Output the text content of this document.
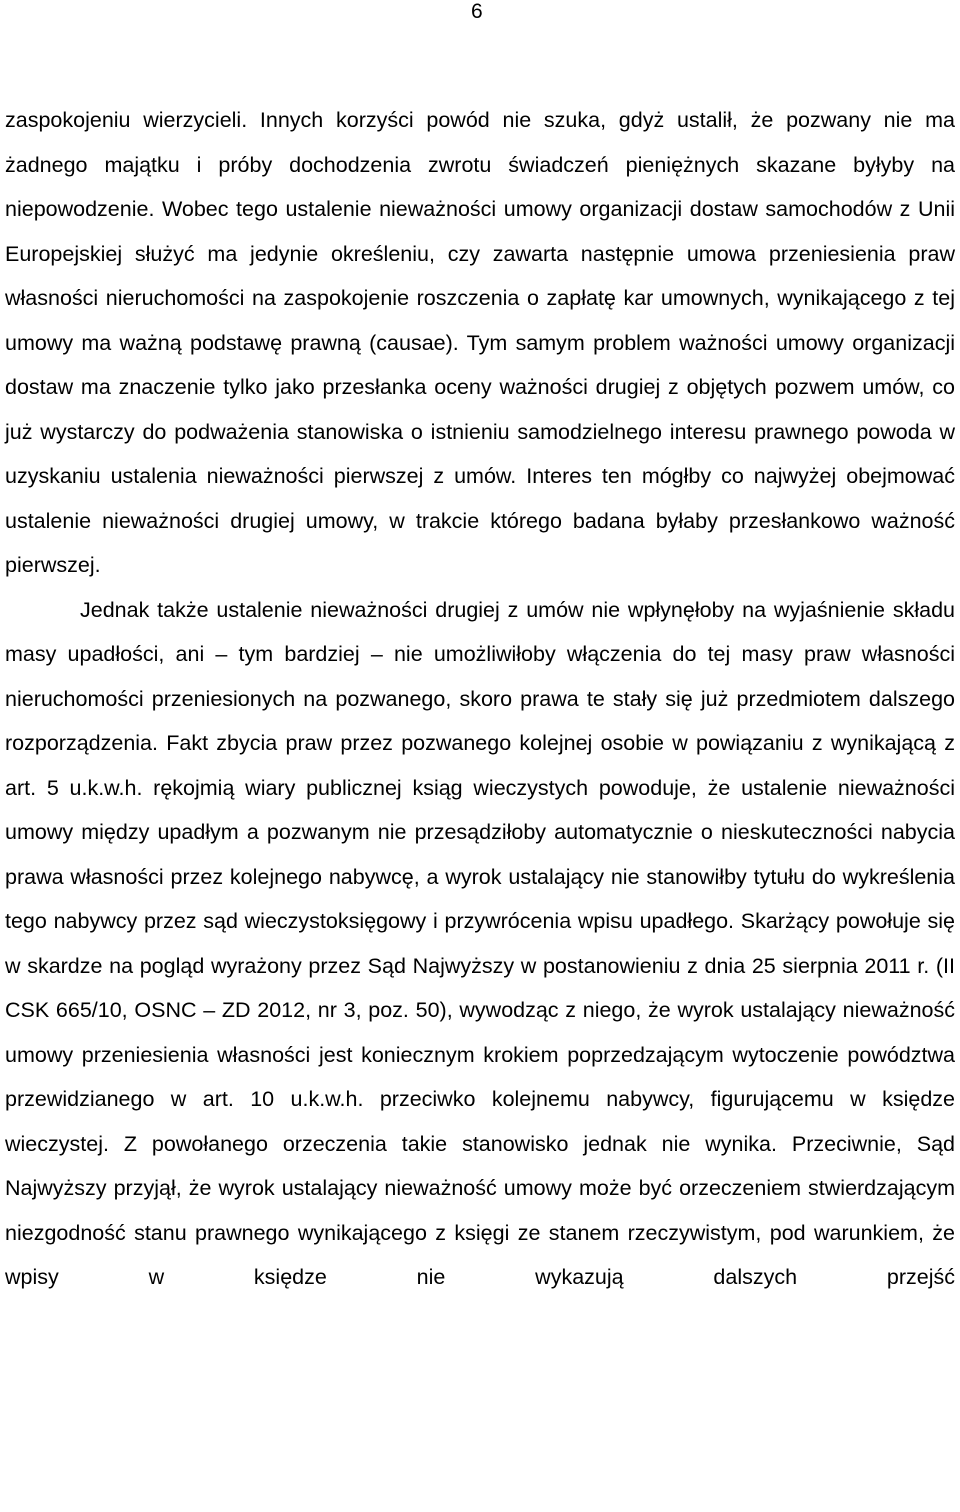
6

zaspokojeniu wierzycieli. Innych korzyści powód nie szuka, gdyż ustalił, że pozwany nie ma żadnego majątku i próby dochodzenia zwrotu świadczeń pieniężnych skazane byłyby na niepowodzenie. Wobec tego ustalenie nieważności umowy organizacji dostaw samochodów z Unii Europejskiej służyć ma jedynie określeniu, czy zawarta następnie umowa przeniesienia praw własności nieruchomości na zaspokojenie roszczenia o zapłatę kar umownych, wynikającego z tej umowy ma ważną podstawę prawną (causae). Tym samym problem ważności umowy organizacji dostaw ma znaczenie tylko jako przesłanka oceny ważności drugiej z objętych pozwem umów, co już wystarczy do podważenia stanowiska o istnieniu samodzielnego interesu prawnego powoda w uzyskaniu ustalenia nieważności pierwszej z umów. Interes ten mógłby co najwyżej obejmować ustalenie nieważności drugiej umowy, w trakcie którego badana byłaby przesłankowo ważność pierwszej.

Jednak także ustalenie nieważności drugiej z umów nie wpłynęłoby na wyjaśnienie składu masy upadłości, ani – tym bardziej – nie umożliwiłoby włączenia do tej masy praw własności nieruchomości przeniesionych na pozwanego, skoro prawa te stały się już przedmiotem dalszego rozporządzenia. Fakt zbycia praw przez pozwanego kolejnej osobie w powiązaniu z wynikającą z art. 5 u.k.w.h. rękojmią wiary publicznej ksiąg wieczystych powoduje, że ustalenie nieważności umowy między upadłym a pozwanym nie przesądziłoby automatycznie o nieskuteczności nabycia prawa własności przez kolejnego nabywcę, a wyrok ustalający nie stanowiłby tytułu do wykreślenia tego nabywcy przez sąd wieczystoksięgowy i przywrócenia wpisu upadłego. Skarżący powołuje się w skardze na pogląd wyrażony przez Sąd Najwyższy w postanowieniu z dnia 25 sierpnia 2011 r. (II CSK 665/10, OSNC – ZD 2012, nr 3, poz. 50), wywodząc z niego, że wyrok ustalający nieważność umowy przeniesienia własności jest koniecznym krokiem poprzedzającym wytoczenie powództwa przewidzianego w art. 10 u.k.w.h. przeciwko kolejnemu nabywcy, figurującemu w księdze wieczystej. Z powołanego orzeczenia takie stanowisko jednak nie wynika. Przeciwnie, Sąd Najwyższy przyjął, że wyrok ustalający nieważność umowy może być orzeczeniem stwierdzającym niezgodność stanu prawnego wynikającego z księgi ze stanem rzeczywistym, pod warunkiem, że wpisy w księdze nie wykazują dalszych przejść
